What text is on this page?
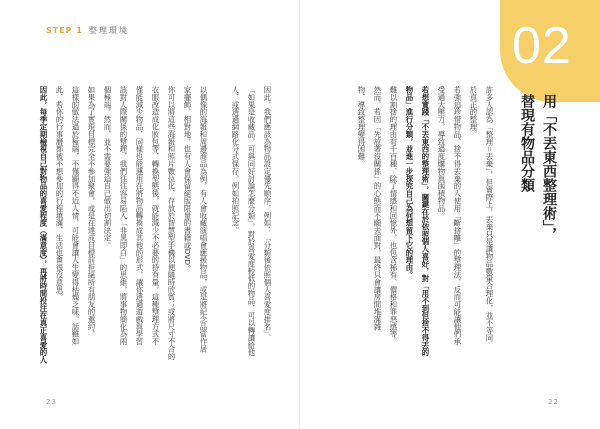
STEP 1 整理環境
因此，我們應該為物品設定優先順序，例如：「分類後依照個人喜愛度排名」、
「如果是收藏品，可與同好討論怎麼分類」，對於喜愛度較低的物品，可以轉讓給他
人，或透過網路化分式保存，例如拍照記念。
以偶像的海報和周邊商品為例，有人會收藏演唱會應援物品，或是將紀念品當作居
家擺飾，相對地，也有人會保留絕版限量的書籍或DVD。
你可以將這些海報和照片數位化，存放於智慧型手機以便隨時欣賞；或將尺寸不合的
衣服改造成化妝包等，轉換型態後，就能減少不必要的持有量，這種整理方式不
僅能減少物品，同樣也能運用在將物品轉換成其他的形式，讓你透過遊戲與學習
該對人際關係的整理，我們往往容易陷入「非黑即白」的思維，將事物簡化為兩
個極端，然而，並不需要強迫自己做出切割決定。
如果為了實現目標完全不參加聚會，或是在達成目標前拒絕所有朋友的邀約，
這樣的做法過於極端，不僅顯得不近人情，可能會讓人生變得枯燥乏味。話雖如
此，若你的行事曆都被不想參加的行程填滿，生活也會很沒意思。
因此，每季定期檢視自己對物品的喜愛程度（滿意度），再將時間投注在真正喜愛的人
23
02
用「不丟東西整理術」，
替現有物品分類
許多人認為「整理＝丟棄」，但實際上，丟棄只是讓物品數量合理化，並不等同
於真正的整理。
若強迫珍惜物品、捨不得丟棄的人使用「斷捨離」的整理法，反而可能讓他們承
受過大壓力，導致過度購物與囤積物品。
若想實踐「不丟東西的整理術」，關鍵在於依照個人喜好，對「用不到但捨不得丟的
物品」進行分類，並進一步探究自己為何想留下它的理由。
難以割捨的理由有千百種，除了情感和回憶外，也包含稀有、價格和罪惡感等。
然而，若因「先放著沒關係」的心態而不願去面對，最終只會讓房間堆滿雜
物，導致整理變得困難。
22
